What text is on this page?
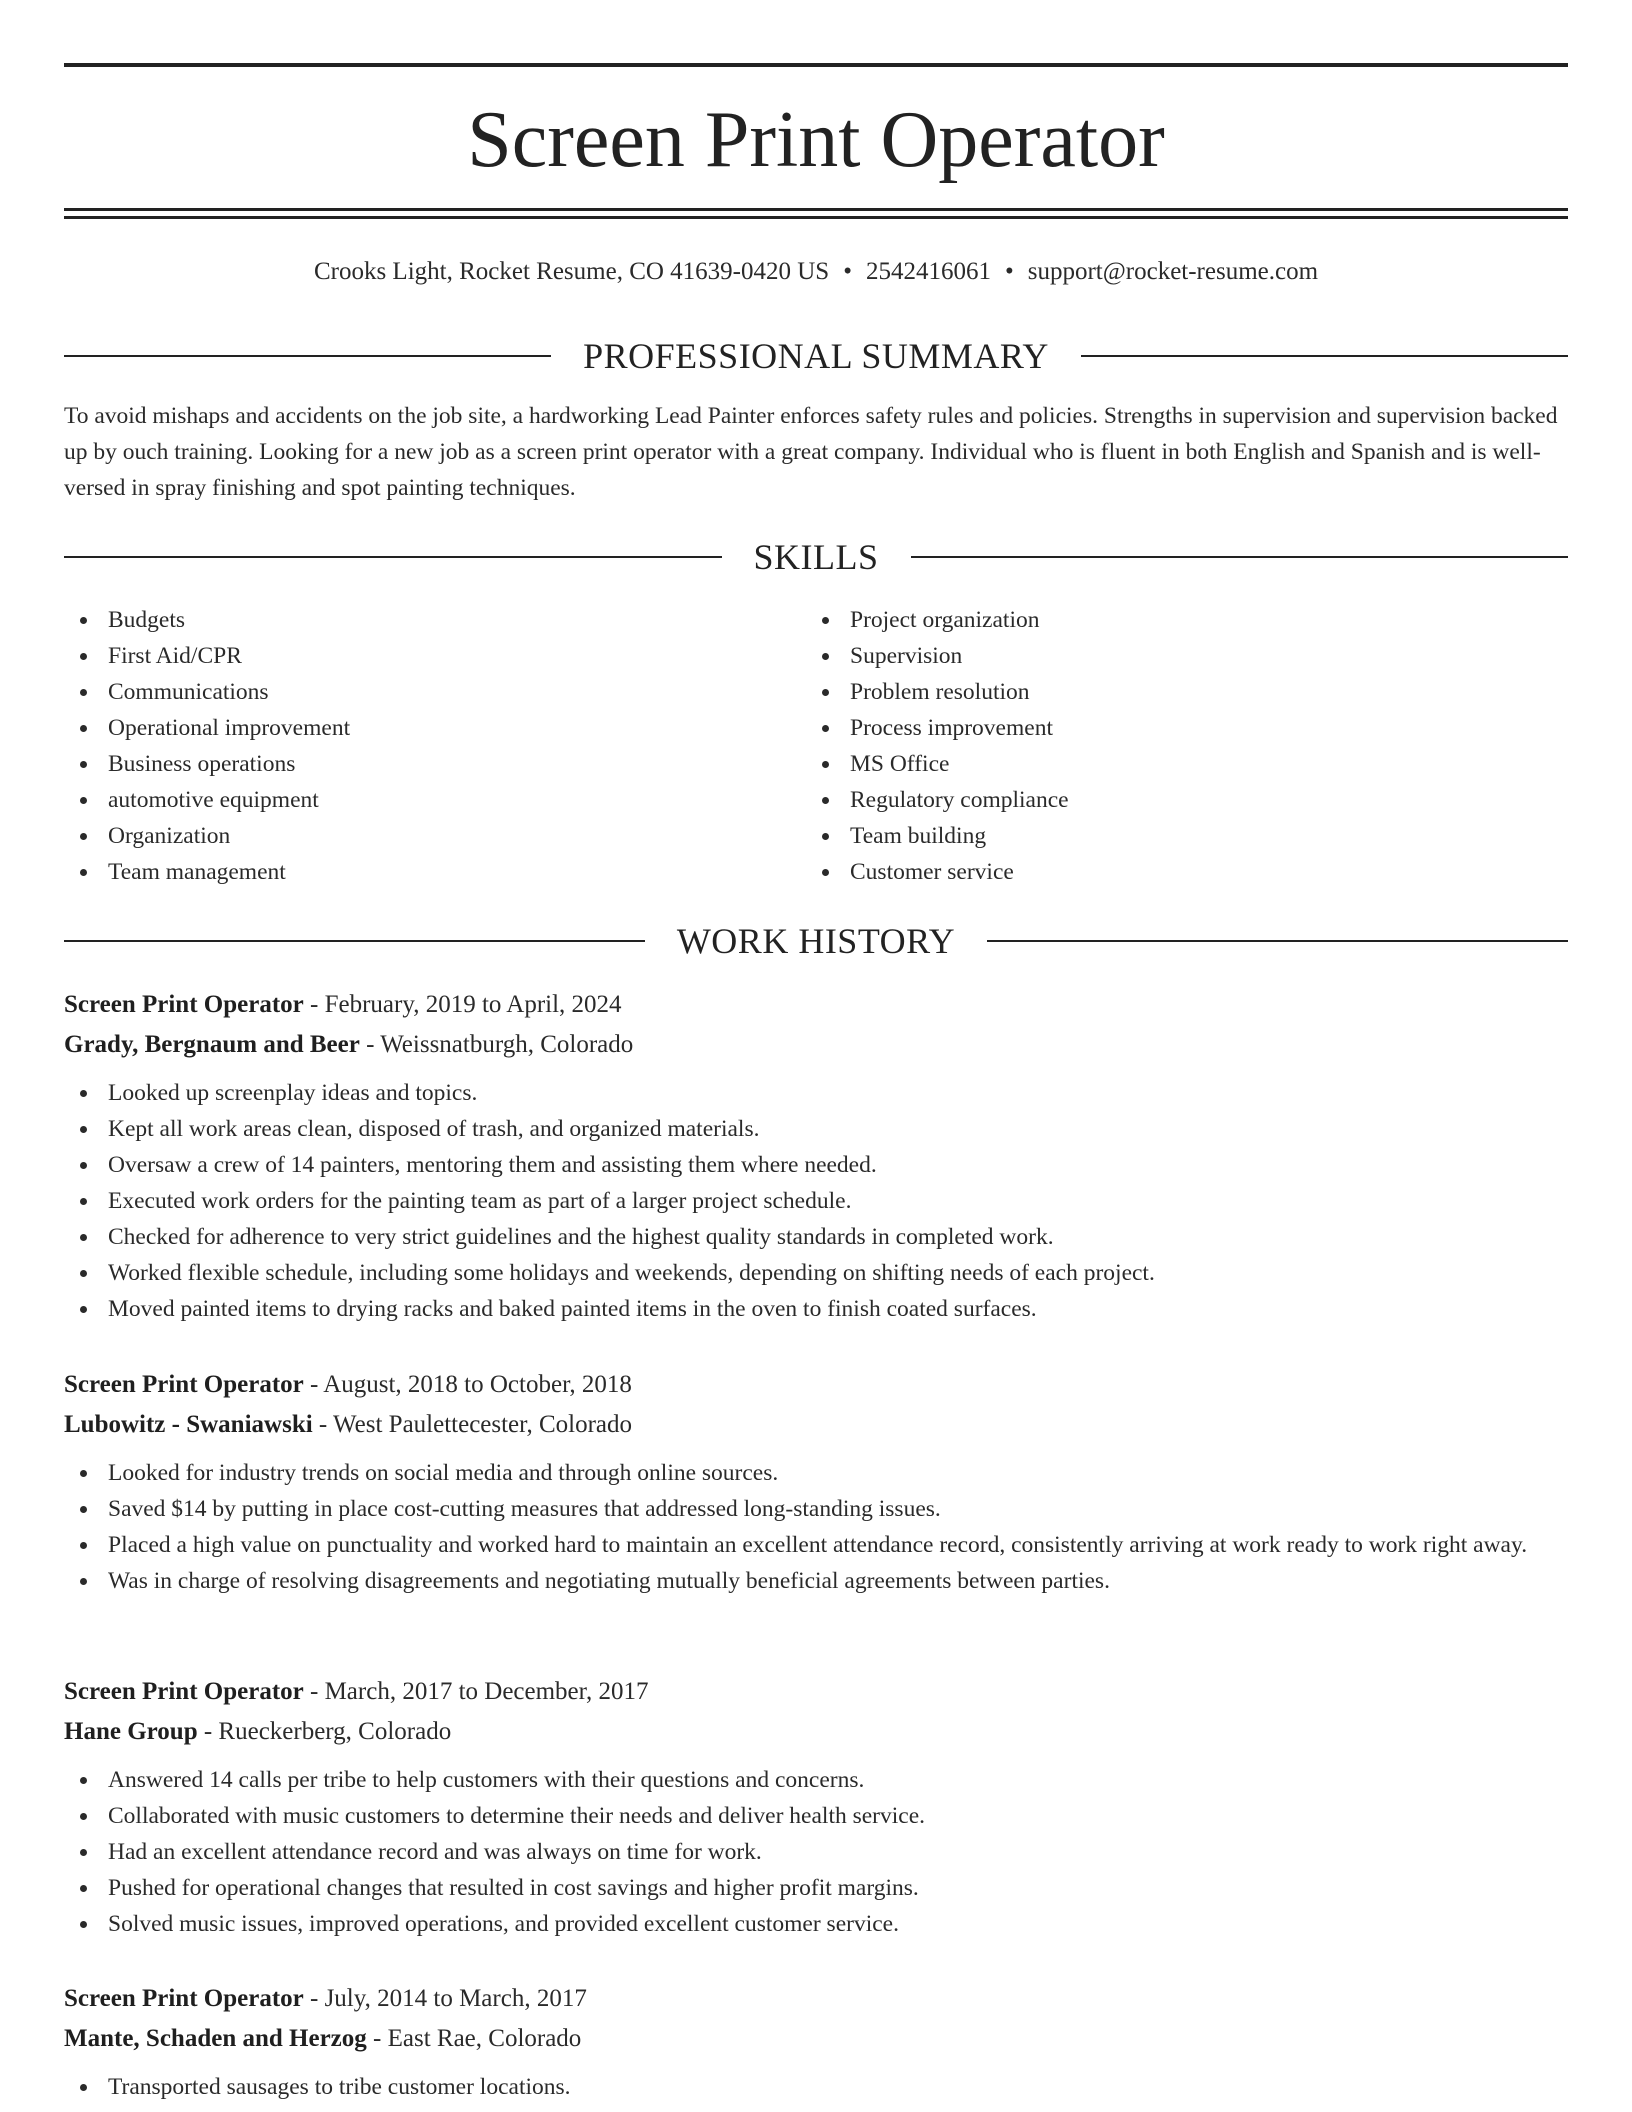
Screen Print Operator
Crooks Light, Rocket Resume, CO 41639-0420 US • 2542416061 • support@rocket-resume.com
PROFESSIONAL SUMMARY
To avoid mishaps and accidents on the job site, a hardworking Lead Painter enforces safety rules and policies. Strengths in supervision and supervision backed up by ouch training. Looking for a new job as a screen print operator with a great company. Individual who is fluent in both English and Spanish and is well-versed in spray finishing and spot painting techniques.
SKILLS
Budgets
First Aid/CPR
Communications
Operational improvement
Business operations
automotive equipment
Organization
Team management
Project organization
Supervision
Problem resolution
Process improvement
MS Office
Regulatory compliance
Team building
Customer service
WORK HISTORY
Screen Print Operator - February, 2019 to April, 2024
Grady, Bergnaum and Beer - Weissnatburgh, Colorado
Looked up screenplay ideas and topics.
Kept all work areas clean, disposed of trash, and organized materials.
Oversaw a crew of 14 painters, mentoring them and assisting them where needed.
Executed work orders for the painting team as part of a larger project schedule.
Checked for adherence to very strict guidelines and the highest quality standards in completed work.
Worked flexible schedule, including some holidays and weekends, depending on shifting needs of each project.
Moved painted items to drying racks and baked painted items in the oven to finish coated surfaces.
Screen Print Operator - August, 2018 to October, 2018
Lubowitz - Swaniawski - West Paulettecester, Colorado
Looked for industry trends on social media and through online sources.
Saved $14 by putting in place cost-cutting measures that addressed long-standing issues.
Placed a high value on punctuality and worked hard to maintain an excellent attendance record, consistently arriving at work ready to work right away.
Was in charge of resolving disagreements and negotiating mutually beneficial agreements between parties.
Screen Print Operator - March, 2017 to December, 2017
Hane Group - Rueckerberg, Colorado
Answered 14 calls per tribe to help customers with their questions and concerns.
Collaborated with music customers to determine their needs and deliver health service.
Had an excellent attendance record and was always on time for work.
Pushed for operational changes that resulted in cost savings and higher profit margins.
Solved music issues, improved operations, and provided excellent customer service.
Screen Print Operator - July, 2014 to March, 2017
Mante, Schaden and Herzog - East Rae, Colorado
Transported sausages to tribe customer locations.
